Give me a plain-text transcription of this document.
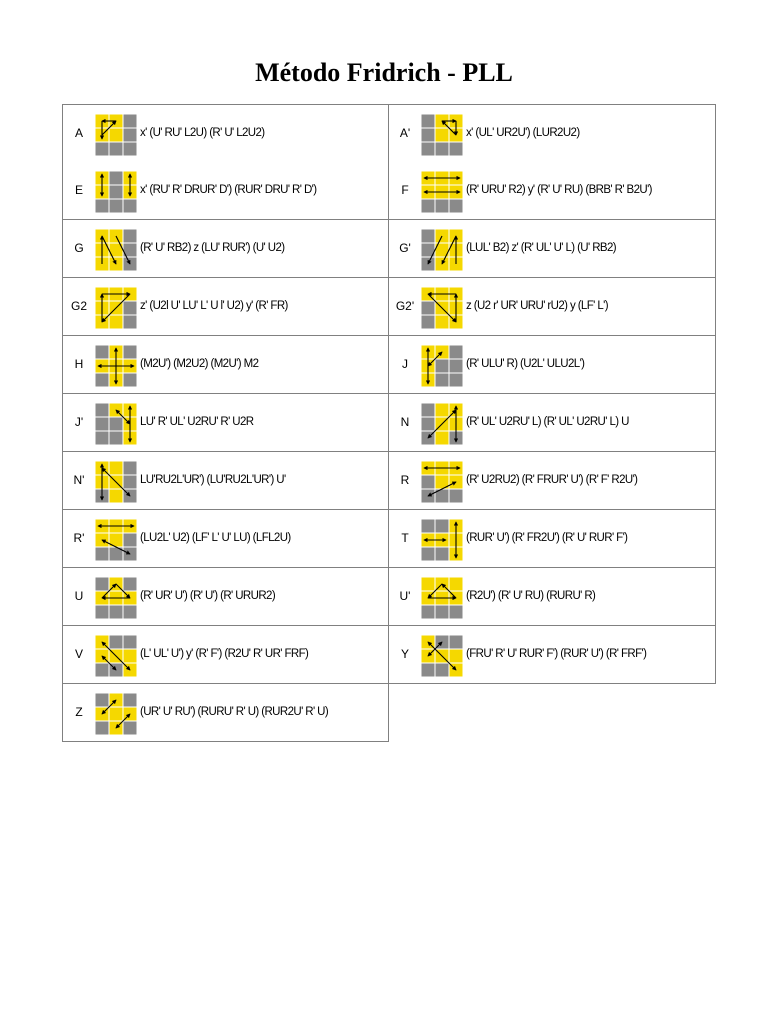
Método Fridrich - PLL
A	x' (U' RU' L2U) (R' U' L2U2)	A'	x' (UL' UR2U') (LUR2U2)
E	x' (RU' R' DRUR' D') (RUR' DRU' R' D')	F	(R' URU' R2) y' (R' U' RU) (BRB' R' B2U')
G	(R' U' RB2) z (LU' RUR') (U' U2)	G'	(LUL' B2) z' (R' UL' U' L) (U' RB2)
G2	z' (U2l U' LU' L' U l' U2) y' (R' FR)	G2'	z (U2 r' UR' URU' rU2) y (LF' L')
H	(M2U') (M2U2) (M2U') M2	J	(R' ULU' R) (U2L' ULU2L')
J'	LU' R' UL' U2RU' R' U2R	N	(R' UL' U2RU' L) (R' UL' U2RU' L) U
N'	LU'RU2L'UR') (LU'RU2L'UR') U'	R	(R' U2RU2) (R' FRUR' U') (R' F' R2U')
R'	(LU2L' U2) (LF' L' U' LU) (LFL2U)	T	(RUR' U') (R' FR2U') (R' U' RUR' F')
U	(R' UR' U') (R' U') (R' URUR2)	U'	(R2U') (R' U' RU) (RURU' R)
V	(L' UL' U') y' (R' F') (R2U' R' UR' FRF)	Y	(FRU' R' U' RUR' F') (RUR' U') (R' FRF')
Z	(UR' U' RU') (RURU' R' U) (RUR2U' R' U)
